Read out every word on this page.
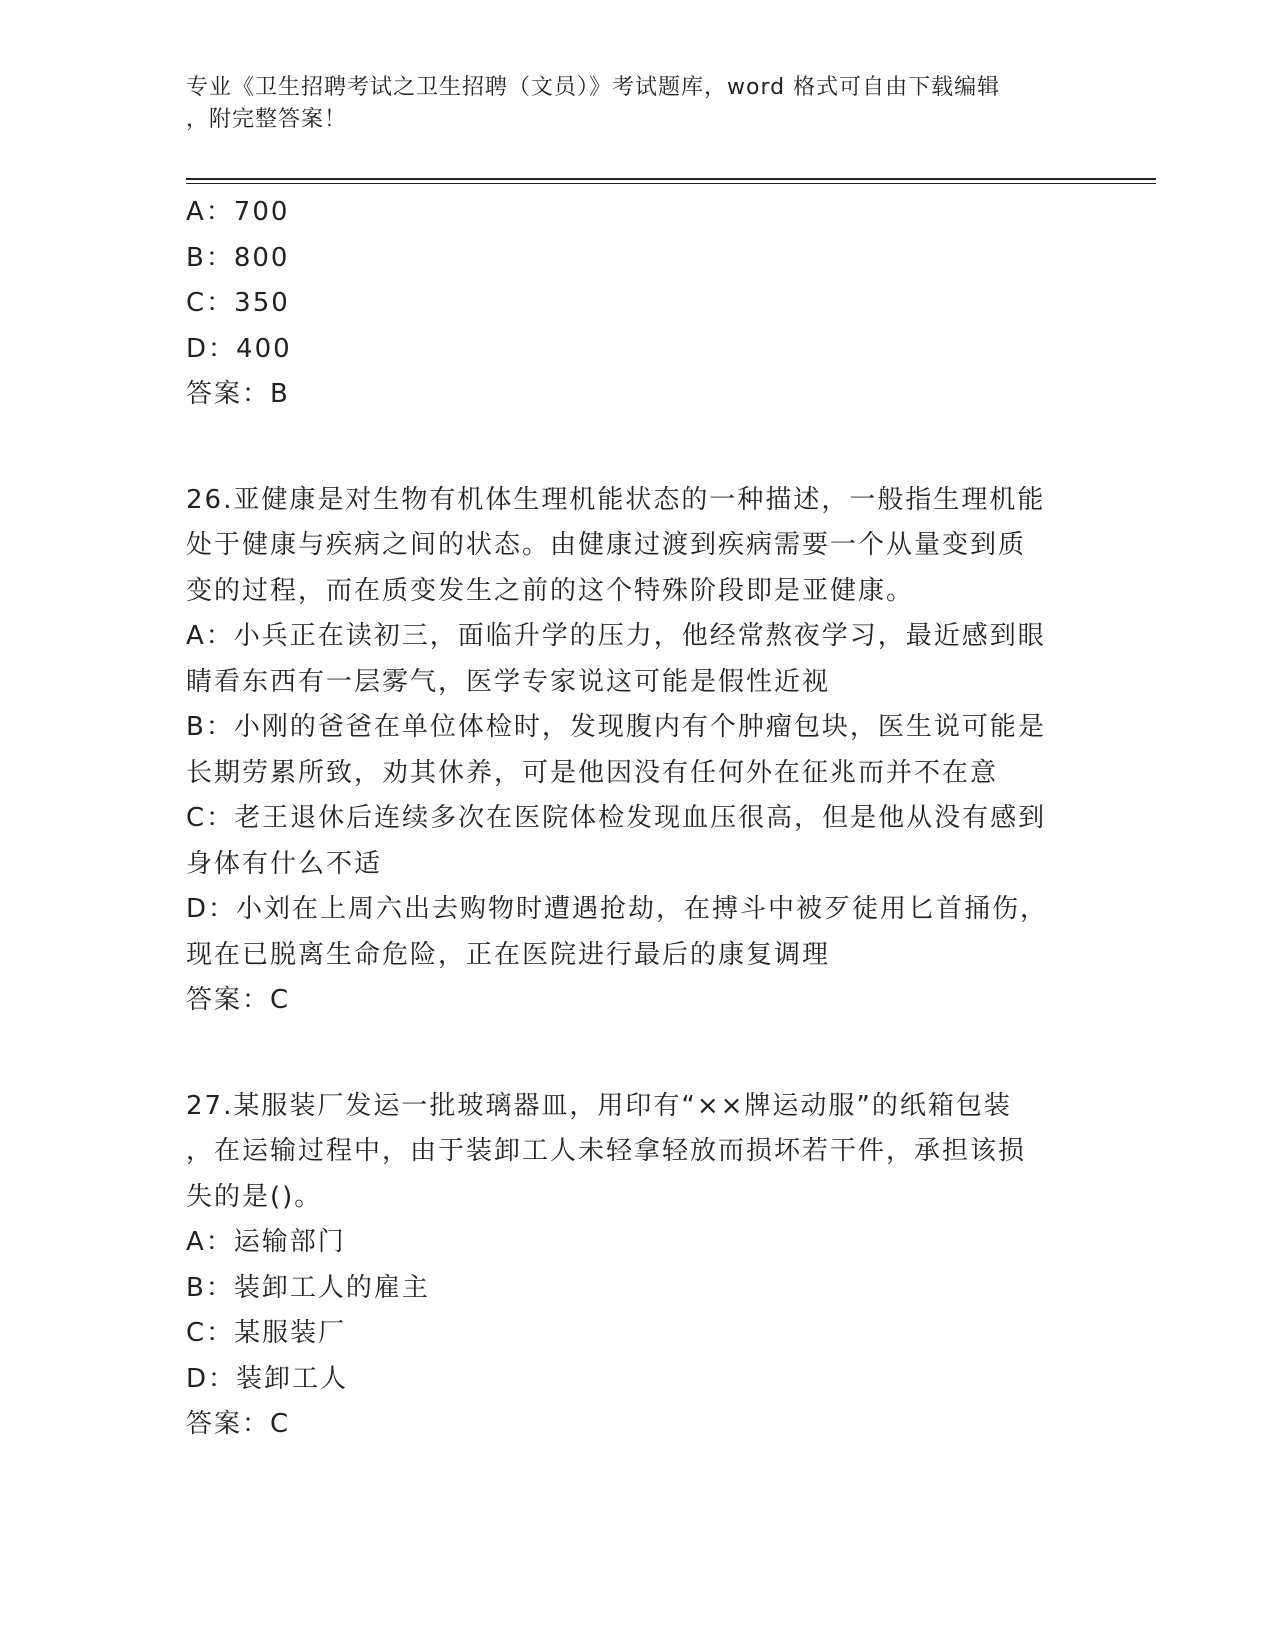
专业《卫生招聘考试之卫生招聘（文员）》考试题库，word 格式可自由下载编辑
，附完整答案！
A：700
B：800
C：350
D：400
答案：B
26.亚健康是对生物有机体生理机能状态的一种描述，一般指生理机能
处于健康与疾病之间的状态。由健康过渡到疾病需要一个从量变到质
变的过程，而在质变发生之前的这个特殊阶段即是亚健康。
A：小兵正在读初三，面临升学的压力，他经常熬夜学习，最近感到眼
睛看东西有一层雾气，医学专家说这可能是假性近视
B：小刚的爸爸在单位体检时，发现腹内有个肿瘤包块，医生说可能是
长期劳累所致，劝其休养，可是他因没有任何外在征兆而并不在意
C：老王退休后连续多次在医院体检发现血压很高，但是他从没有感到
身体有什么不适
D：小刘在上周六出去购物时遭遇抢劫，在搏斗中被歹徒用匕首捅伤，
现在已脱离生命危险，正在医院进行最后的康复调理
答案：C
27.某服装厂发运一批玻璃器皿，用印有“××牌运动服”的纸箱包装
，在运输过程中，由于装卸工人未轻拿轻放而损坏若干件，承担该损
失的是()。
A：运输部门
B：装卸工人的雇主
C：某服装厂
D：装卸工人
答案：C
